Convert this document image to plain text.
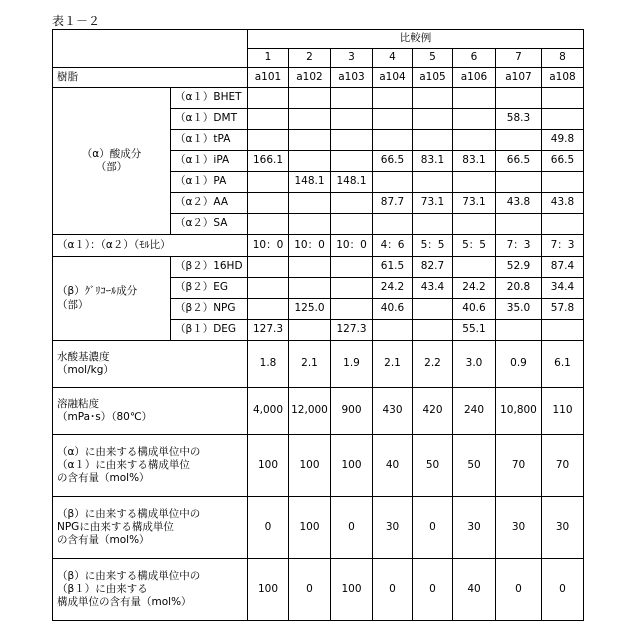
表１－２
	比較例
1	2	3	4	5	6	7	8
樹脂	a101	a102	a103	a104	a105	a106	a107	a108

（α）酸成分
（部）
	（α１）BHET								
（α１）DMT							58.3	
（α１）tPA								49.8
（α１）iPA	166.1			66.5	83.1	83.1	66.5	66.5
（α１）PA		148.1	148.1					
（α２）AA				87.7	73.1	73.1	43.8	43.8
（α２）SA								
（α１）：（α２）（ﾓﾙ比）	10：0	10：0	10：0	4：6	5：5	5：5	7：3	7：3

（β）ｸﾞﾘｺｰﾙ成分
（部）
	（β２）16HD				61.5	82.7		52.9	87.4
（β２）EG				24.2	43.4	24.2	20.8	34.4
（β２）NPG		125.0		40.6		40.6	35.0	57.8
（β１）DEG	127.3		127.3			55.1		

水酸基濃度
（mol/kg）
	1.8	2.1	1.9	2.1	2.2	3.0	0.9	6.1

溶融粘度
（mPa･s）（80℃）
	4,000	12,000	900	430	420	240	10,800	110

（α）に由来する構成単位中の
（α１）に由来する構成単位
の含有量（mol%）
	100	100	100	40	50	50	70	70

（β）に由来する構成単位中の
NPGに由来する構成単位
の含有量（mol%）
	0	100	0	30	0	30	30	30

（β）に由来する構成単位中の
（β１）に由来する
構成単位の含有量（mol%）
	100	0	100	0	0	40	0	0
